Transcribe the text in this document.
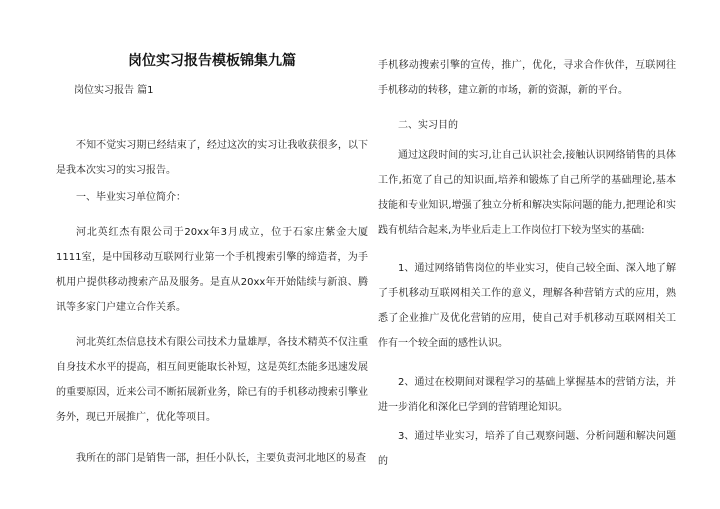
岗位实习报告模板锦集九篇

岗位实习报告 篇1

不知不觉实习期已经结束了，经过这次的实习让我收获很多，以下是我本次实习的实习报告。

一、毕业实习单位简介：

河北英红杰有限公司于20xx年3月成立，位于石家庄紫金大厦1111室，是中国移动互联网行业第一个手机搜索引擎的缔造者，为手机用户提供移动搜索产品及服务。是直从20xx年开始陆续与新浪、腾讯等多家门户建立合作关系。

河北英红杰信息技术有限公司技术力量雄厚，各技术精英不仅注重自身技术水平的提高，相互间更能取长补短，这是英红杰能多迅速发展的重要原因，近来公司不断拓展新业务，除已有的手机移动搜索引擎业务外，现已开展推广，优化等项目。

我所在的部门是销售一部，担任小队长，主要负责河北地区的易查

手机移动搜索引擎的宣传，推广，优化，寻求合作伙伴，互联网往手机移动的转移，建立新的市场，新的资源，新的平台。

二、实习目的

通过这段时间的实习,让自己认识社会,接触认识网络销售的具体工作,拓宽了自己的知识面,培养和锻炼了自己所学的基础理论,基本技能和专业知识,增强了独立分析和解决实际问题的能力,把理论和实践有机结合起来,为毕业后走上工作岗位打下较为坚实的基础:

1、通过网络销售岗位的毕业实习，使自己较全面、深入地了解了手机移动互联网相关工作的意义，理解各种营销方式的应用，熟悉了企业推广及优化营销的应用，使自己对手机移动互联网相关工作有一个较全面的感性认识。

2、通过在校期间对课程学习的基础上掌握基本的营销方法，并进一步消化和深化已学到的营销理论知识。

3、通过毕业实习，培养了自己观察问题、分析问题和解决问题的
